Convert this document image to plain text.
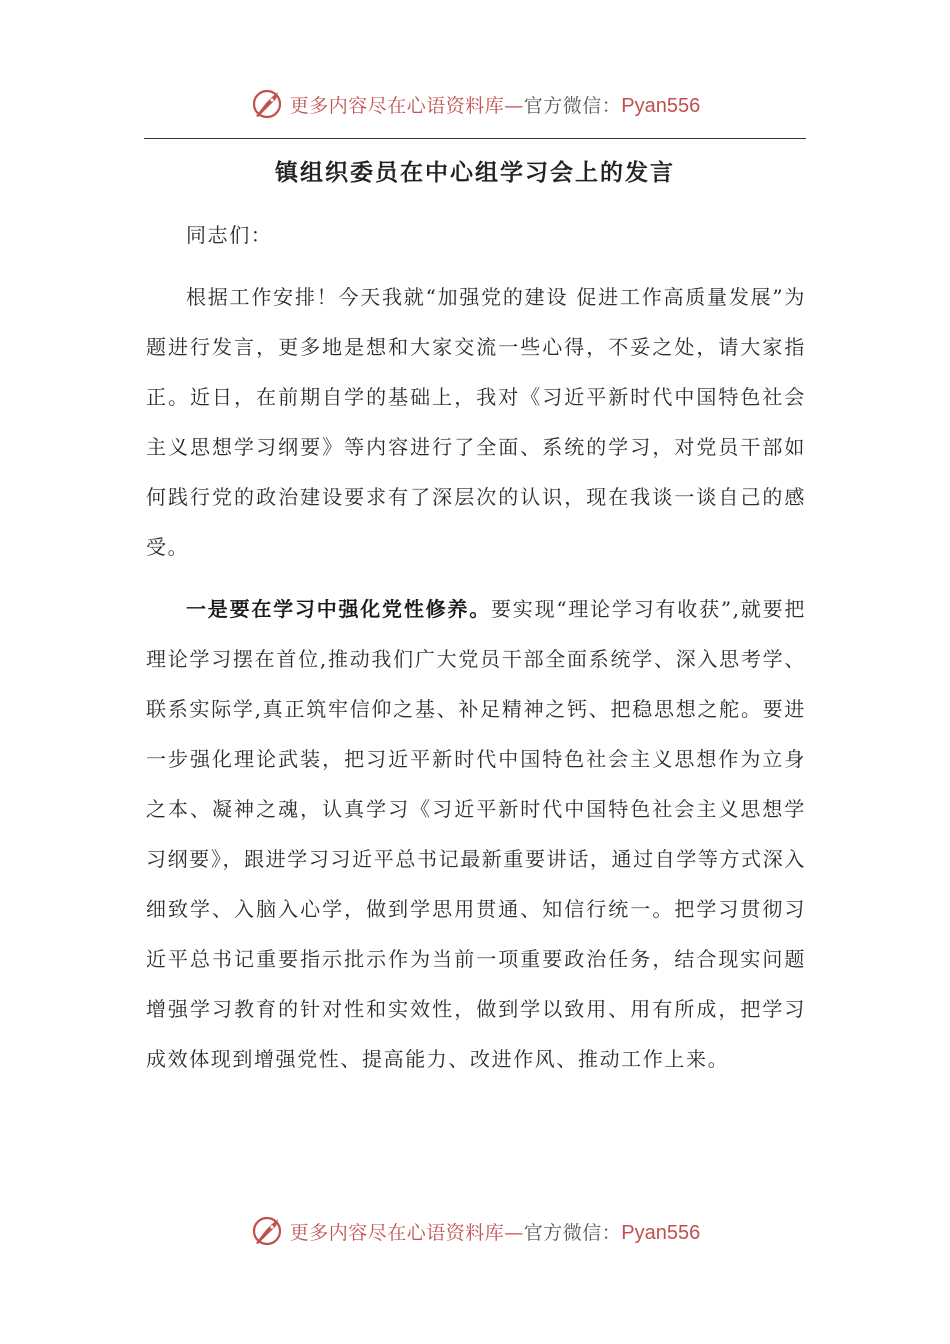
更多内容尽在心语资料库—官方微信：Pyan556
镇组织委员在中心组学习会上的发言

同志们：

根据工作安排！今天我就“加强党的建设 促进工作高质量发展”为题进行发言，更多地是想和大家交流一些心得，不妥之处，请大家指正。近日，在前期自学的基础上，我对《习近平新时代中国特色社会主义思想学习纲要》等内容进行了全面、系统的学习，对党员干部如何践行党的政治建设要求有了深层次的认识，现在我谈一谈自己的感受。

一是要在学习中强化党性修养。要实现“理论学习有收获”,就要把理论学习摆在首位,推动我们广大党员干部全面系统学、深入思考学、联系实际学,真正筑牢信仰之基、补足精神之钙、把稳思想之舵。要进一步强化理论武装，把习近平新时代中国特色社会主义思想作为立身之本、凝神之魂，认真学习《习近平新时代中国特色社会主义思想学习纲要》，跟进学习习近平总书记最新重要讲话，通过自学等方式深入细致学、入脑入心学，做到学思用贯通、知信行统一。把学习贯彻习近平总书记重要指示批示作为当前一项重要政治任务，结合现实问题增强学习教育的针对性和实效性，做到学以致用、用有所成，把学习成效体现到增强党性、提高能力、改进作风、推动工作上来。

更多内容尽在心语资料库—官方微信：Pyan556
